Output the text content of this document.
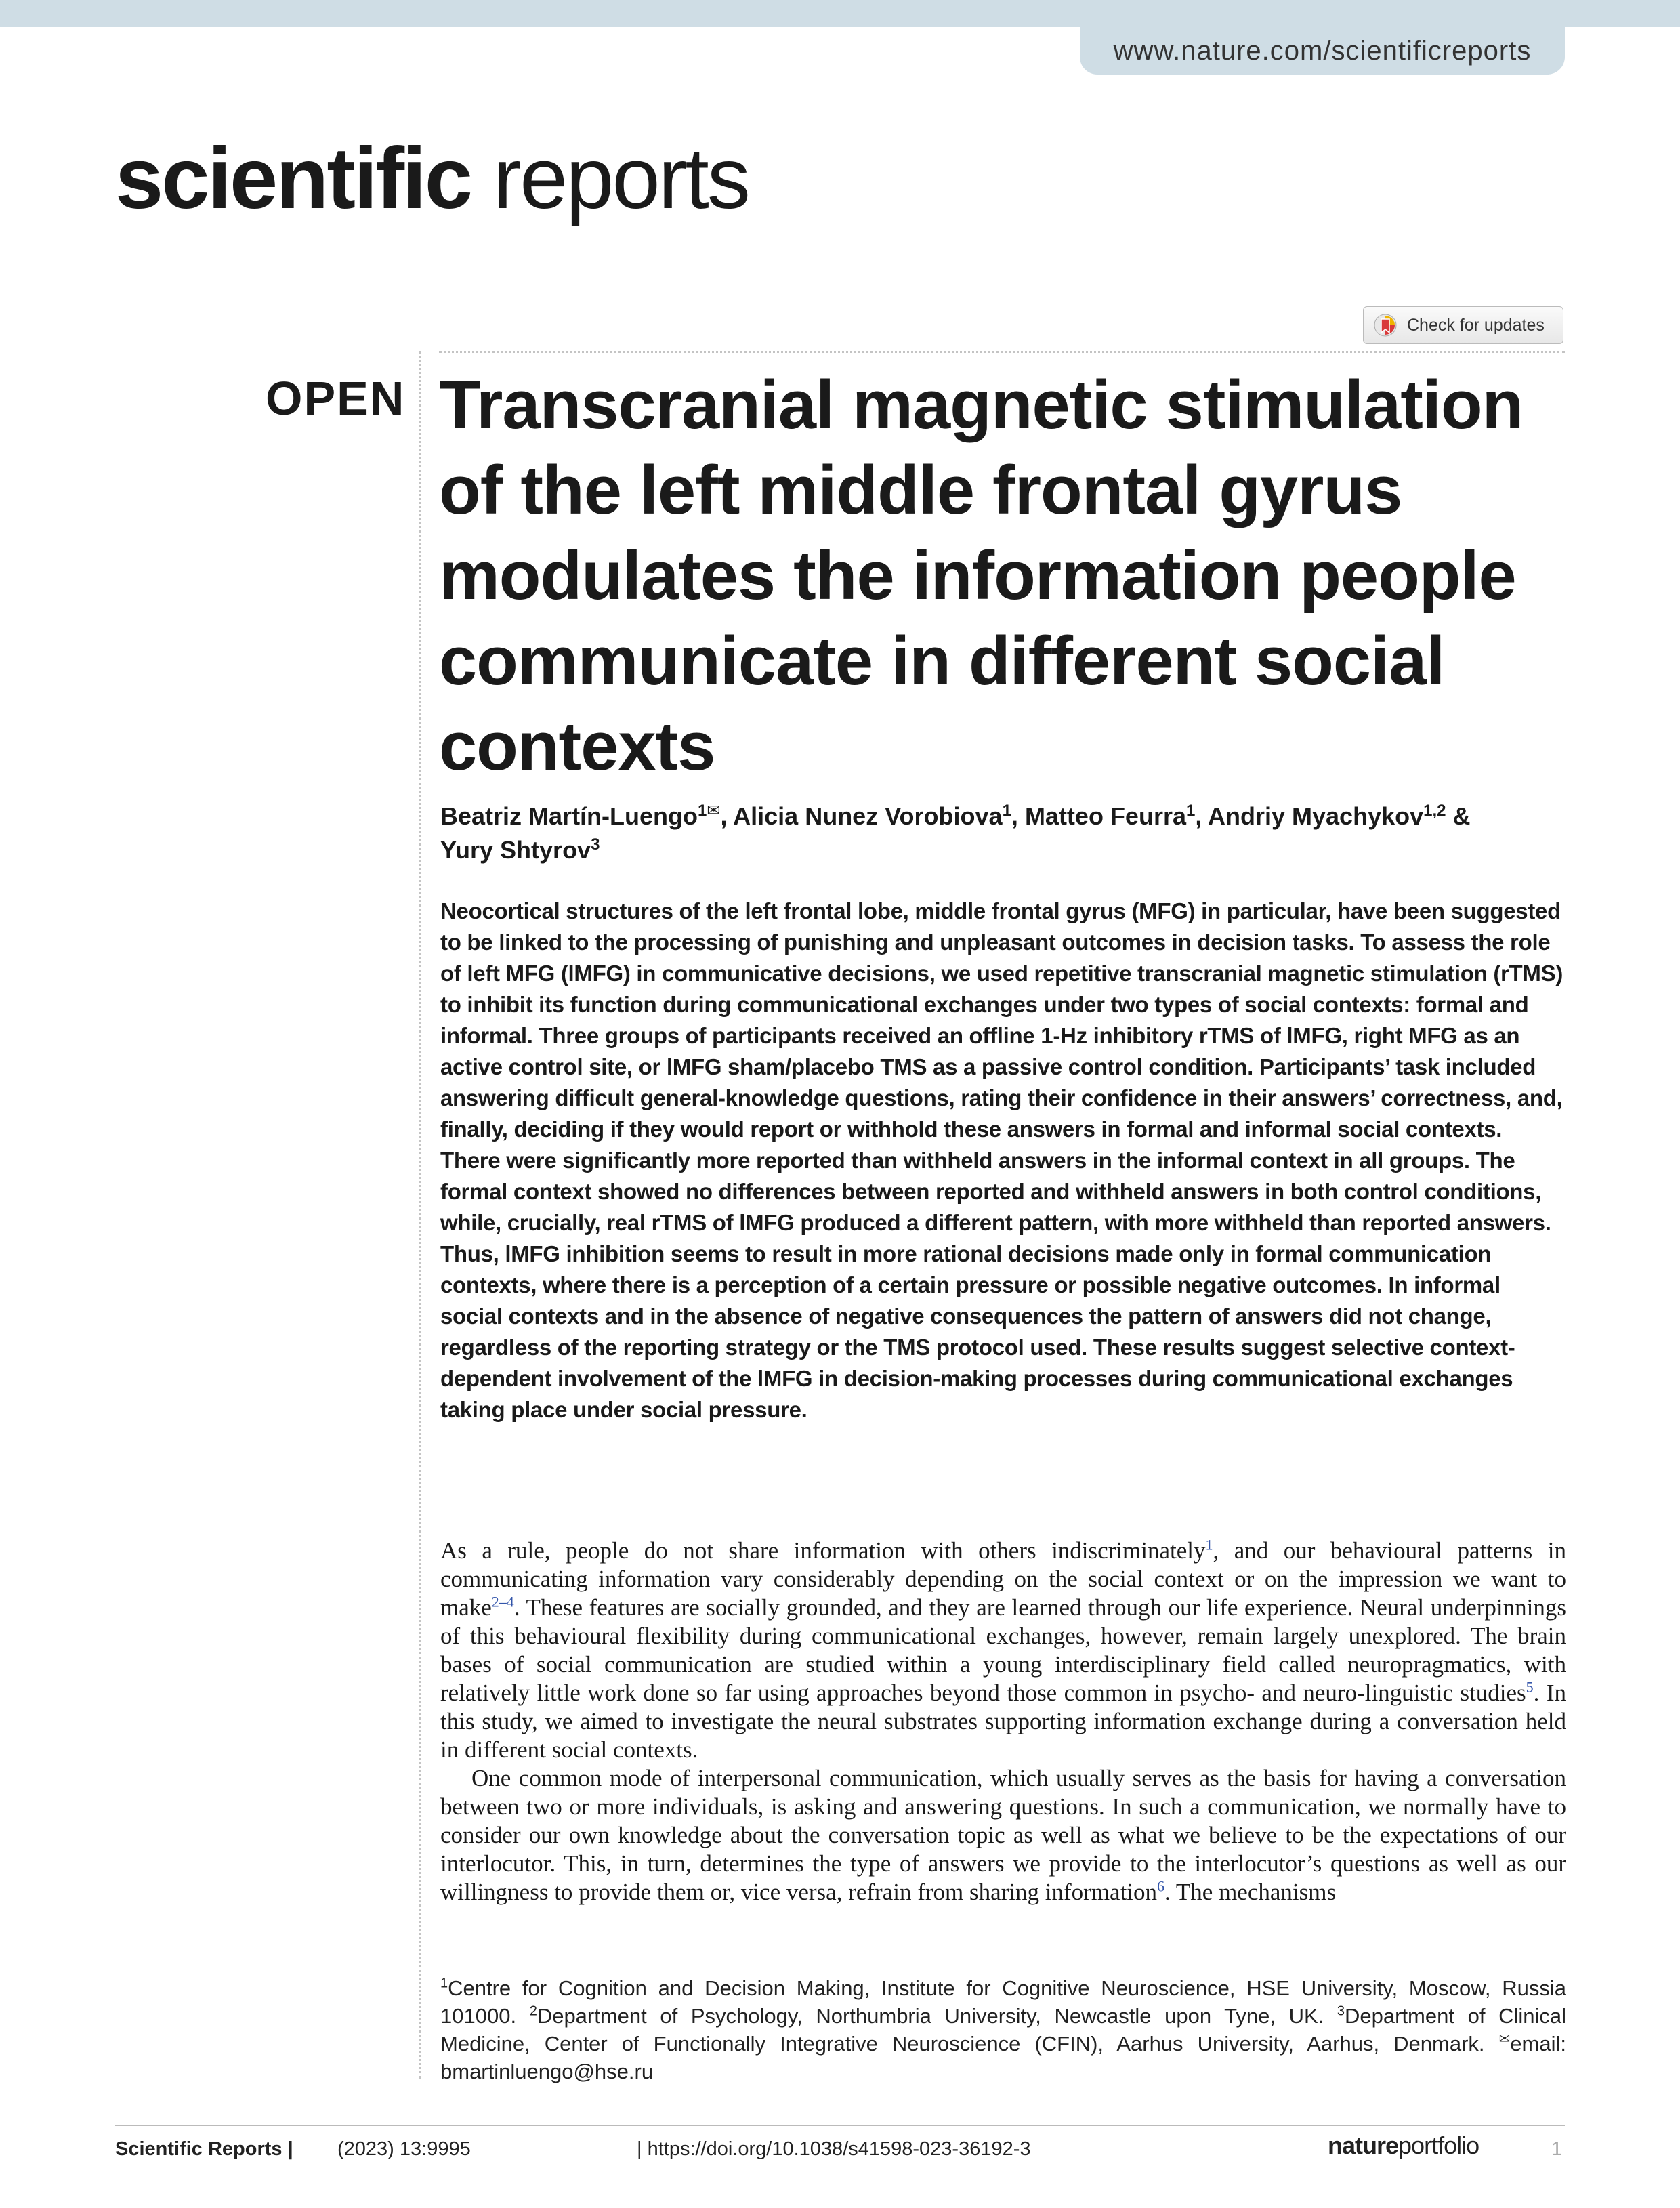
www.nature.com/scientificreports
scientific reports
Check for updates
OPEN Transcranial magnetic stimulation of the left middle frontal gyrus modulates the information people communicate in different social contexts
Beatriz Martín-Luengo$^{1✉}$, Alicia Nunez Vorobiova$^1$, Matteo Feurra$^1$, Andriy Myachykov$^{1,2}$ &
Yury Shtyrov$^3$
Neocortical structures of the left frontal lobe, middle frontal gyrus (MFG) in particular, have been suggested to be linked to the processing of punishing and unpleasant outcomes in decision tasks. To assess the role of left MFG (lMFG) in communicative decisions, we used repetitive transcranial magnetic stimulation (rTMS) to inhibit its function during communicational exchanges under two types of social contexts: formal and informal. Three groups of participants received an offline 1-Hz inhibitory rTMS of lMFG, right MFG as an active control site, or lMFG sham/placebo TMS as a passive control condition. Participants’ task included answering difficult general-knowledge questions, rating their confidence in their answers’ correctness, and, finally, deciding if they would report or withhold these answers in formal and informal social contexts. There were significantly more reported than withheld answers in the informal context in all groups. The formal context showed no differences between reported and withheld answers in both control conditions, while, crucially, real rTMS of lMFG produced a different pattern, with more withheld than reported answers. Thus, lMFG inhibition seems to result in more rational decisions made only in formal communication contexts, where there is a perception of a certain pressure or possible negative outcomes. In informal social contexts and in the absence of negative consequences the pattern of answers did not change, regardless of the reporting strategy or the TMS protocol used. These results suggest selective context-dependent involvement of the lMFG in decision-making processes during communicational exchanges taking place under social pressure.

As a rule, people do not share information with others indiscriminately$^1$, and our behavioural patterns in communicating information vary considerably depending on the social context or on the impression we want to make$^{2-4}$. These features are socially grounded, and they are learned through our life experience. Neural underpinnings of this behavioural flexibility during communicational exchanges, however, remain largely unexplored. The brain bases of social communication are studied within a young interdisciplinary field called neuropragmatics, with relatively little work done so far using approaches beyond those common in psycho- and neuro-linguistic studies$^5$. In this study, we aimed to investigate the neural substrates supporting information exchange during a conversation held in different social contexts.

One common mode of interpersonal communication, which usually serves as the basis for having a conversation between two or more individuals, is asking and answering questions. In such a communication, we normally have to consider our own knowledge about the conversation topic as well as what we believe to be the expectations of our interlocutor. This, in turn, determines the type of answers we provide to the interlocutor’s questions as well as our willingness to provide them or, vice versa, refrain from sharing information$^6$. The mechanisms

$^1$Centre for Cognition and Decision Making, Institute for Cognitive Neuroscience, HSE University, Moscow, Russia 101000. $^2$Department of Psychology, Northumbria University, Newcastle upon Tyne, UK. $^3$Department of Clinical Medicine, Center of Functionally Integrative Neuroscience (CFIN), Aarhus University, Aarhus, Denmark. ✉email: bmartinluengo@hse.ru
Scientific Reports | (2023) 13:9995	| https://doi.org/10.1038/s41598-023-36192-3	natureportfolio	1
